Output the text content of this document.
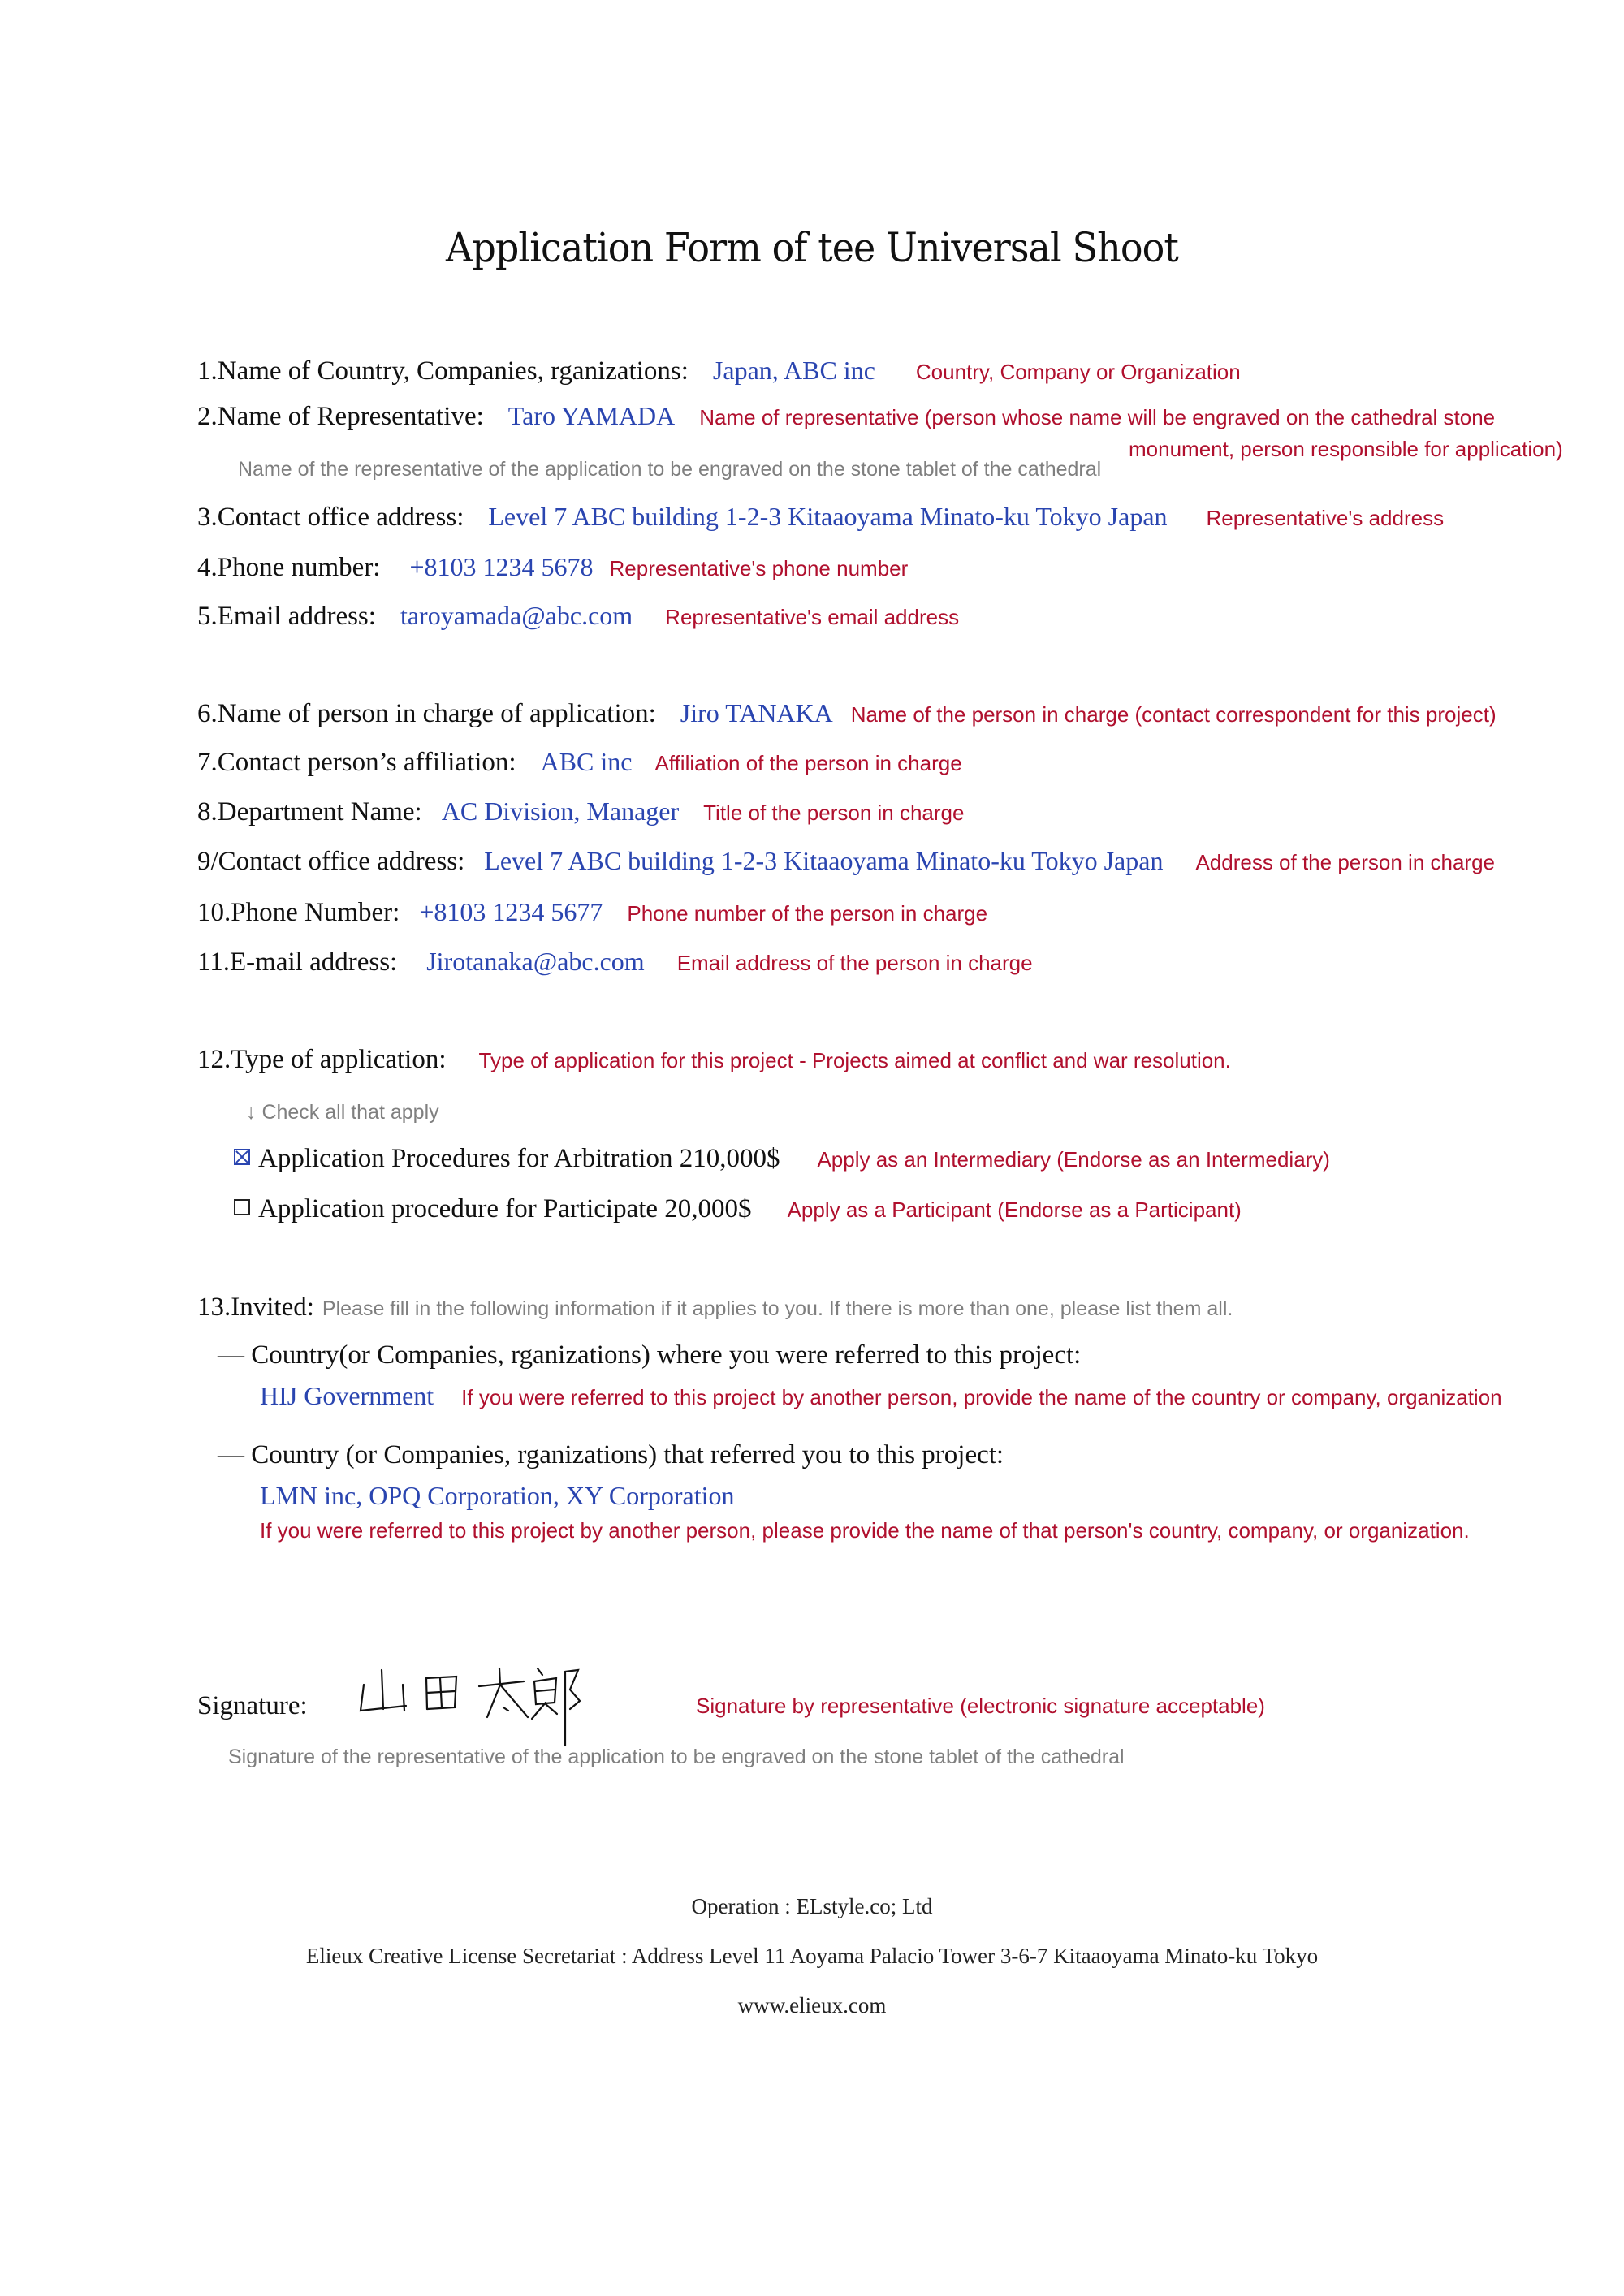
Application Form of tee Universal Shoot
1.Name of Country, Companies, rganizations: Japan, ABC inc Country, Company or Organization
2.Name of Representative: Taro YAMADA Name of representative (person whose name will be engraved on the cathedral stone
monument, person responsible for application)
Name of the representative of the application to be engraved on the stone tablet of the cathedral
3.Contact office address: Level 7 ABC building 1-2-3 Kitaaoyama Minato-ku Tokyo Japan Representative's address
4.Phone number: +8103 1234 5678 Representative's phone number
5.Email address: taroyamada@abc.com Representative's email address
6.Name of person in charge of application: Jiro TANAKA Name of the person in charge (contact correspondent for this project)
7.Contact person’s affiliation: ABC inc Affiliation of the person in charge
8.Department Name: AC Division, Manager Title of the person in charge
9/Contact office address: Level 7 ABC building 1-2-3 Kitaaoyama Minato-ku Tokyo Japan Address of the person in charge
10.Phone Number: +8103 1234 5677 Phone number of the person in charge
11.E-mail address: Jirotanaka@abc.com Email address of the person in charge
12.Type of application: Type of application for this project - Projects aimed at conflict and war resolution.
↓ Check all that apply
Application Procedures for Arbitration 210,000$ Apply as an Intermediary (Endorse as an Intermediary)
Application procedure for Participate 20,000$ Apply as a Participant (Endorse as a Participant)
13.Invited: Please fill in the following information if it applies to you. If there is more than one, please list them all.
— Country(or Companies, rganizations) where you were referred to this project:
HIJ Government If you were referred to this project by another person, provide the name of the country or company, organization
— Country (or Companies, rganizations) that referred you to this project:
LMN inc, OPQ Corporation, XY Corporation
If you were referred to this project by another person, please provide the name of that person's country, company, or organization.
Signature:	Signature by representative (electronic signature acceptable)
Signature of the representative of the application to be engraved on the stone tablet of the cathedral
Operation : ELstyle.co; Ltd
Elieux Creative License Secretariat : Address Level 11 Aoyama Palacio Tower 3-6-7 Kitaaoyama Minato-ku Tokyo
www.elieux.com
